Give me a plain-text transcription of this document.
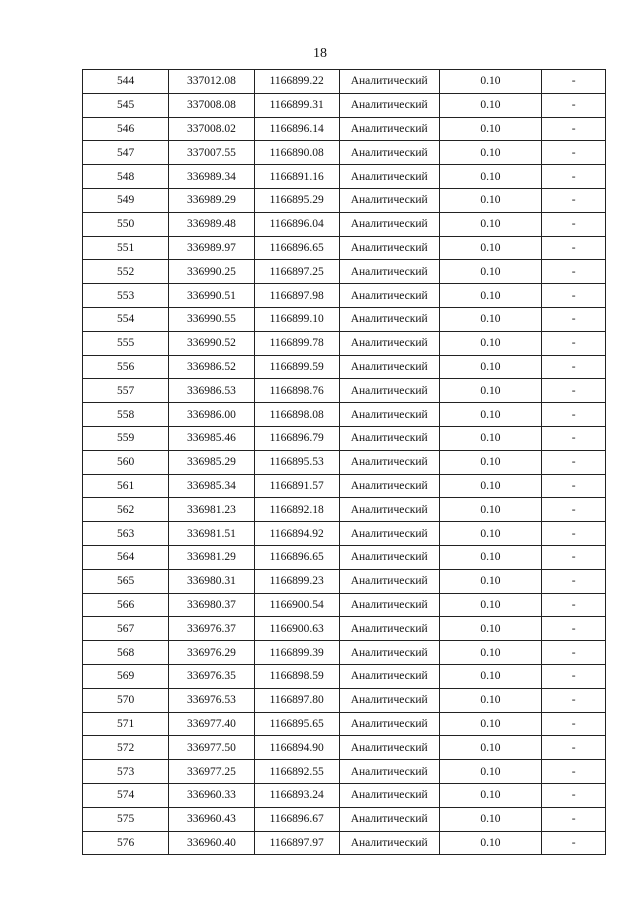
18
544	337012.08	1166899.22	Аналитический	0.10	-
545	337008.08	1166899.31	Аналитический	0.10	-
546	337008.02	1166896.14	Аналитический	0.10	-
547	337007.55	1166890.08	Аналитический	0.10	-
548	336989.34	1166891.16	Аналитический	0.10	-
549	336989.29	1166895.29	Аналитический	0.10	-
550	336989.48	1166896.04	Аналитический	0.10	-
551	336989.97	1166896.65	Аналитический	0.10	-
552	336990.25	1166897.25	Аналитический	0.10	-
553	336990.51	1166897.98	Аналитический	0.10	-
554	336990.55	1166899.10	Аналитический	0.10	-
555	336990.52	1166899.78	Аналитический	0.10	-
556	336986.52	1166899.59	Аналитический	0.10	-
557	336986.53	1166898.76	Аналитический	0.10	-
558	336986.00	1166898.08	Аналитический	0.10	-
559	336985.46	1166896.79	Аналитический	0.10	-
560	336985.29	1166895.53	Аналитический	0.10	-
561	336985.34	1166891.57	Аналитический	0.10	-
562	336981.23	1166892.18	Аналитический	0.10	-
563	336981.51	1166894.92	Аналитический	0.10	-
564	336981.29	1166896.65	Аналитический	0.10	-
565	336980.31	1166899.23	Аналитический	0.10	-
566	336980.37	1166900.54	Аналитический	0.10	-
567	336976.37	1166900.63	Аналитический	0.10	-
568	336976.29	1166899.39	Аналитический	0.10	-
569	336976.35	1166898.59	Аналитический	0.10	-
570	336976.53	1166897.80	Аналитический	0.10	-
571	336977.40	1166895.65	Аналитический	0.10	-
572	336977.50	1166894.90	Аналитический	0.10	-
573	336977.25	1166892.55	Аналитический	0.10	-
574	336960.33	1166893.24	Аналитический	0.10	-
575	336960.43	1166896.67	Аналитический	0.10	-
576	336960.40	1166897.97	Аналитический	0.10	-
